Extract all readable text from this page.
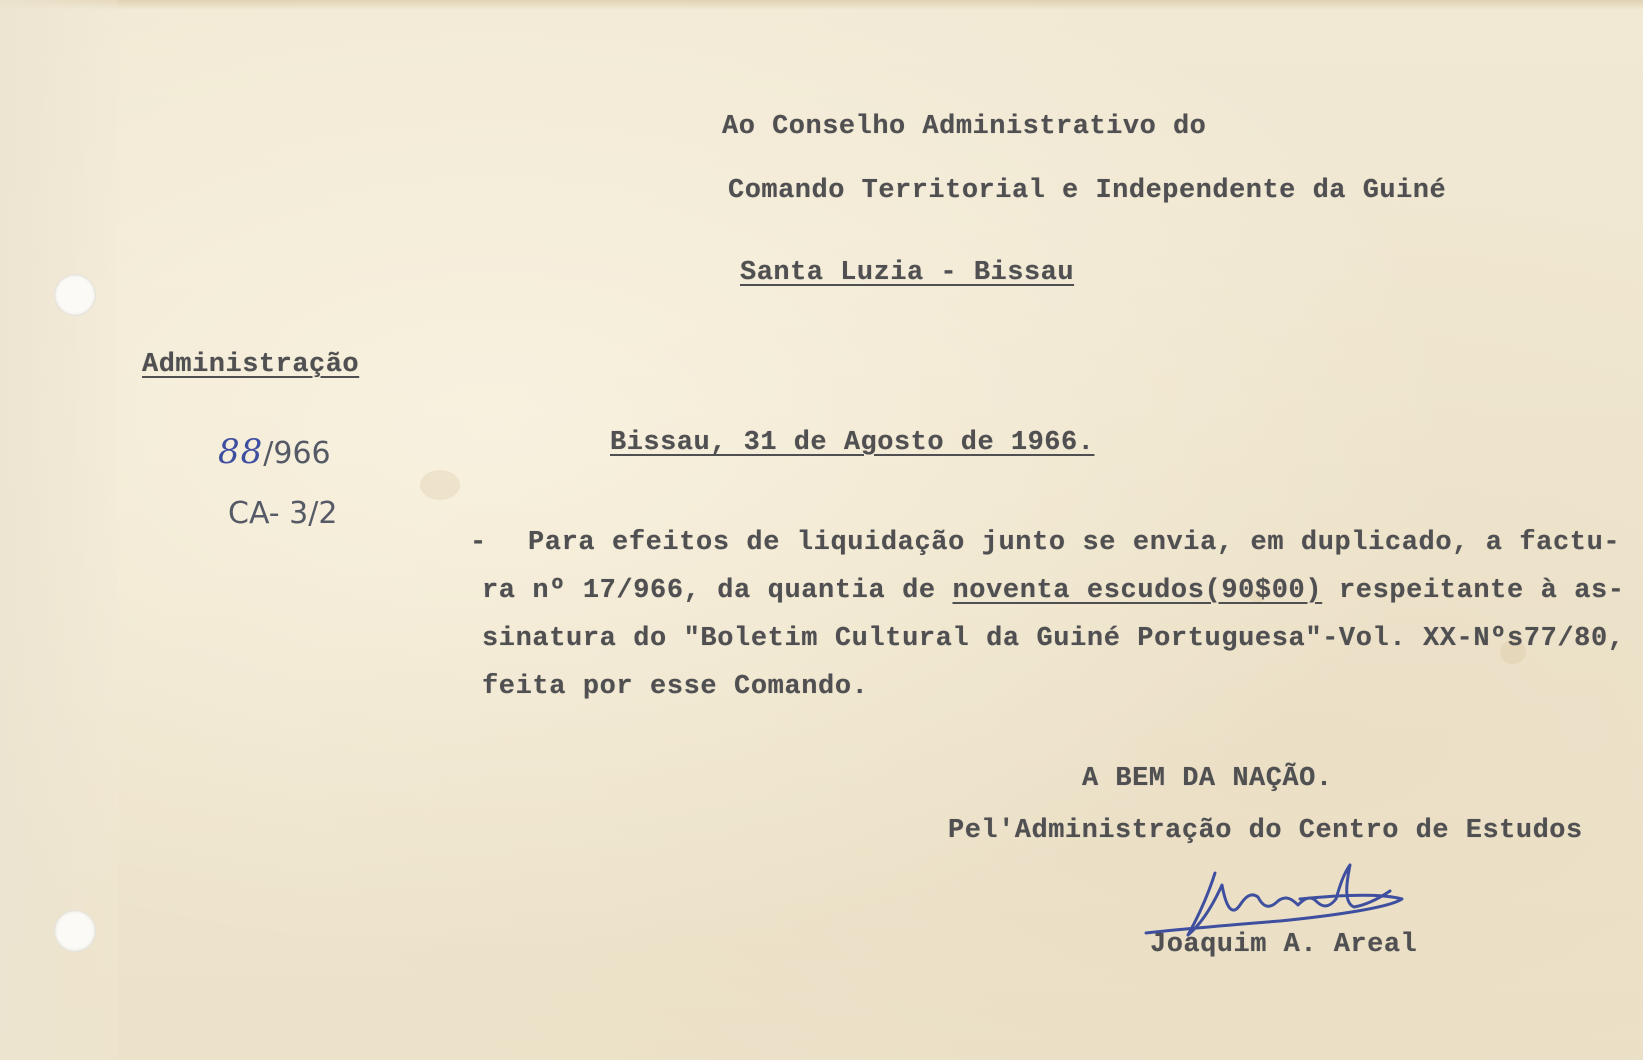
Ao Conselho Administrativo do
Comando Territorial e Independente da Guiné
Santa Luzia - Bissau
Administração
88/966
CA- 3/2
Bissau, 31 de Agosto de 1966.
- Para efeitos de liquidação junto se envia, em duplicado, a factu-
ra nº 17/966, da quantia de noventa escudos(90$00) respeitante à as-
sinatura do "Boletim Cultural da Guiné Portuguesa"-Vol. XX-Nºs77/80,
feita por esse Comando.
A BEM DA NAÇÃO.
Pel'Administração do Centro de Estudos
Joaquim A. Areal
